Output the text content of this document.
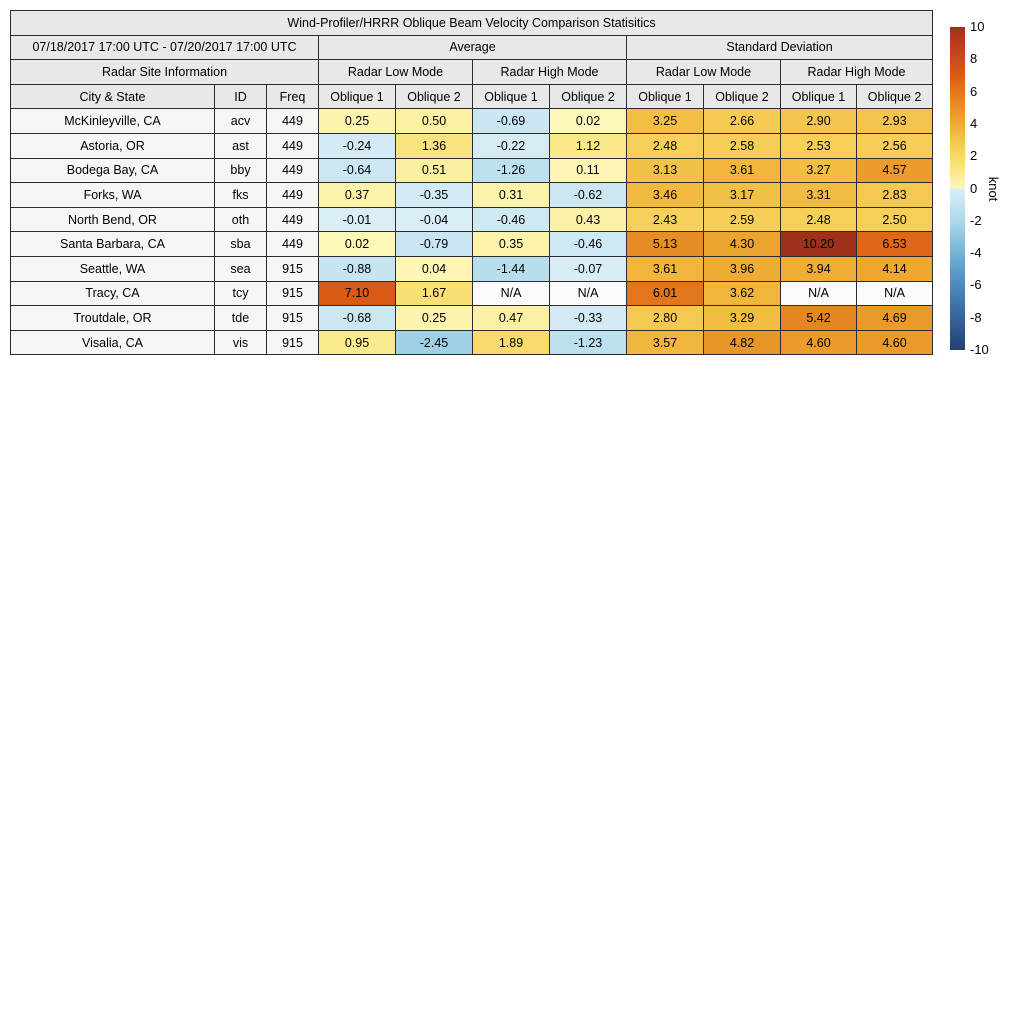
Wind-Profiler/HRRR Oblique Beam Velocity Comparison Statisitics										
07/18/2017 17:00 UTC - 07/20/2017 17:00 UTC			Average				Standard Deviation			
Radar Site Information			Radar Low Mode		Radar High Mode		Radar Low Mode		Radar High Mode	
City & State	ID	Freq	Oblique 1	Oblique 2	Oblique 1	Oblique 2	Oblique 1	Oblique 2	Oblique 1	Oblique 2
McKinleyville, CA	acv	449	0.25	0.50	-0.69	0.02	3.25	2.66	2.90	2.93
Astoria, OR	ast	449	-0.24	1.36	-0.22	1.12	2.48	2.58	2.53	2.56
Bodega Bay, CA	bby	449	-0.64	0.51	-1.26	0.11	3.13	3.61	3.27	4.57
Forks, WA	fks	449	0.37	-0.35	0.31	-0.62	3.46	3.17	3.31	2.83
North Bend, OR	oth	449	-0.01	-0.04	-0.46	0.43	2.43	2.59	2.48	2.50
Santa Barbara, CA	sba	449	0.02	-0.79	0.35	-0.46	5.13	4.30	10.20	6.53
Seattle, WA	sea	915	-0.88	0.04	-1.44	-0.07	3.61	3.96	3.94	4.14
Tracy, CA	tcy	915	7.10	1.67	N/A	N/A	6.01	3.62	N/A	N/A
Troutdale, OR	tde	915	-0.68	0.25	0.47	-0.33	2.80	3.29	5.42	4.69
Visalia, CA	vis	915	0.95	-2.45	1.89	-1.23	3.57	4.82	4.60	4.60
10
8
6
4
2
0
-2
-4
-6
-8
-10
knot
